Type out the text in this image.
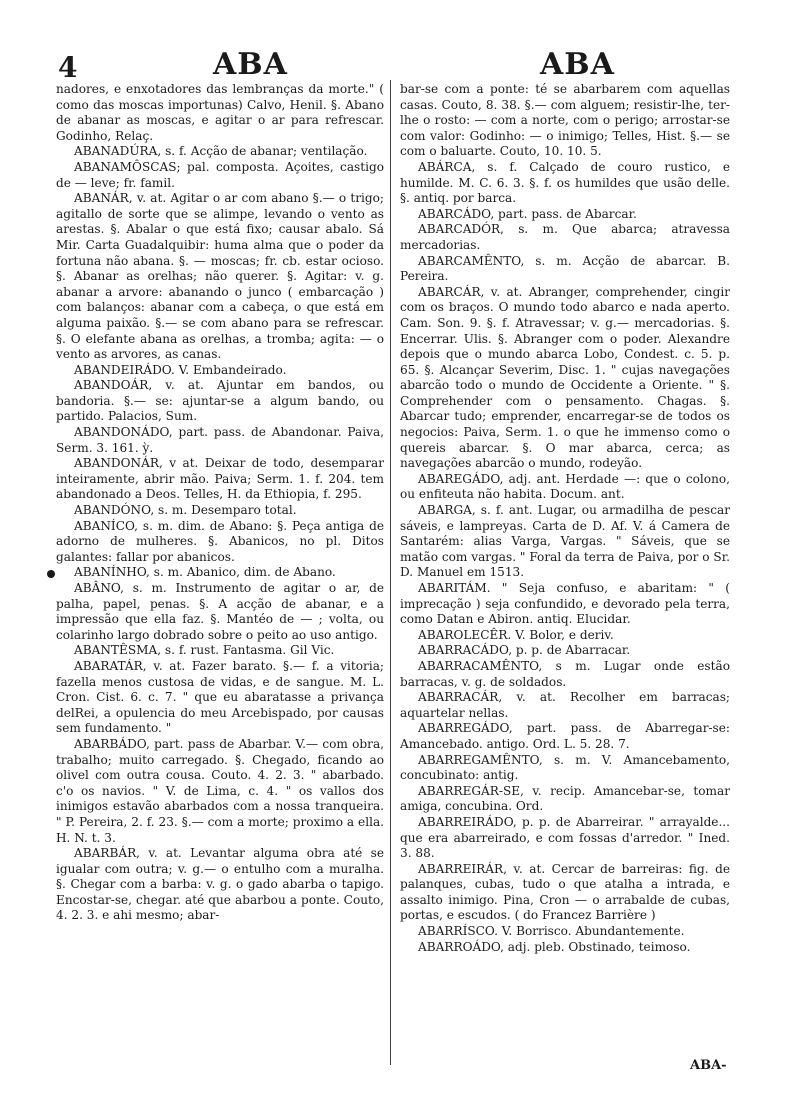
4	ABA	ABA

nadores, e enxotadores das lembranças da morte." ( como das moscas importunas) Calvo, Henil. §. Abano de abanar as moscas, e agitar o ar para refrescar. Godinho, Relaç.

ABANADÚRA, s. f. Acção de abanar; ventilação.

ABANAMÔSCAS; pal. composta. Açoites, castigo de — leve; fr. famil.

ABANÁR, v. at. Agitar o ar com abano §.— o trigo; agitallo de sorte que se alimpe, levando o vento as arestas. §. Abalar o que está fixo; causar abalo. Sá Mir. Carta Guadalquibir: huma alma que o poder da fortuna não abana. §. — moscas; fr. cb. estar ocioso. §. Abanar as orelhas; não querer. §. Agitar: v. g. abanar a arvore: abanando o junco ( embarcação ) com balanços: abanar com a cabeça, o que está em alguma paixão. §.— se com abano para se refrescar. §. O elefante abana as orelhas, a tromba; agita: — o vento as arvores, as canas.

ABANDEIRÁDO. V. Embandeirado.

ABANDOÁR, v. at. Ajuntar em bandos, ou bandoria. §.— se: ajuntar-se a algum bando, ou partido. Palacios, Sum.

ABANDONÁDO, part. pass. de Abandonar. Paiva, Serm. 3. 161. ỳ.

ABANDONÁR, v at. Deixar de todo, desemparar inteiramente, abrir mão. Paiva; Serm. 1. f. 204. tem abandonado a Deos. Telles, H. da Ethiopia, f. 295.

ABANDÓNO, s. m. Desemparo total.

ABANÍCO, s. m. dim. de Abano: §. Peça antiga de adorno de mulheres. §. Abanicos, no pl. Ditos galantes: fallar por abanicos.

ABANÍNHO, s. m. Abanico, dim. de Abano.

ABÂNO, s. m. Instrumento de agitar o ar, de palha, papel, penas. §. A acção de abanar, e a impressão que ella faz. §. Mantéo de — ; volta, ou colarinho largo dobrado sobre o peito ao uso antigo.

ABANTÊSMA, s. f. rust. Fantasma. Gil Vic.

ABARATÁR, v. at. Fazer barato. §.— f. a vitoria; fazella menos custosa de vidas, e de sangue. M. L. Cron. Cist. 6. c. 7. " que eu abaratasse a privança delRei, a opulencia do meu Arcebispado, por causas sem fundamento. "

ABARBÁDO, part. pass de Abarbar. V.— com obra, trabalho; muito carregado. §. Chegado, ficando ao olivel com outra cousa. Couto. 4. 2. 3. " abarbado. c'o os navios. " V. de Lima, c. 4. " os vallos dos inimigos estavão abarbados com a nossa tranqueira. " P. Pereira, 2. f. 23. §.— com a morte; proximo a ella. H. N. t. 3.

ABARBÁR, v. at. Levantar alguma obra até se igualar com outra; v. g.— o entulho com a muralha. §. Chegar com a barba: v. g. o gado abarba o tapigo. Encostar-se, chegar. até que abarbou a ponte. Couto, 4. 2. 3. e ahi mesmo; abar-

bar-se com a ponte: té se abarbarem com aquellas casas. Couto, 8. 38. §.— com alguem; resistir-lhe, ter-lhe o rosto: — com a norte, com o perigo; arrostar-se com valor: Godinho: — o inimigo; Telles, Hist. §.— se com o baluarte. Couto, 10. 10. 5.

ABÁRCA, s. f. Calçado de couro rustico, e humilde. M. C. 6. 3. §. f. os humildes que usão delle. §. antiq. por barca.

ABARCÁDO, part. pass. de Abarcar.

ABARCADÓR, s. m. Que abarca; atravessa mercadorias.

ABARCAMÊNTO, s. m. Acção de abarcar. B. Pereira.

ABARCÁR, v. at. Abranger, comprehender, cingir com os braços. O mundo todo abarco e nada aperto. Cam. Son. 9. §. f. Atravessar; v. g.— mercadorias. §. Encerrar. Ulis. §. Abranger com o poder. Alexandre depois que o mundo abarca Lobo, Condest. c. 5. p. 65. §. Alcançar Severim, Disc. 1. " cujas navegações abarcão todo o mundo de Occidente a Oriente. " §. Comprehender com o pensamento. Chagas. §. Abarcar tudo; emprender, encarregar-se de todos os negocios: Paiva, Serm. 1. o que he immenso como o quereis abarcar. §. O mar abarca, cerca; as navegações abarcão o mundo, rodeyão.

ABAREGÁDO, adj. ant. Herdade —: que o colono, ou enfiteuta não habita. Docum. ant.

ABARGA, s. f. ant. Lugar, ou armadilha de pescar sáveis, e lampreyas. Carta de D. Af. V. á Camera de Santarém: alias Varga, Vargas. " Sáveis, que se matão com vargas. " Foral da terra de Paiva, por o Sr. D. Manuel em 1513.

ABARITÁM. " Seja confuso, e abaritam: " ( imprecação ) seja confundido, e devorado pela terra, como Datan e Abiron. antiq. Elucidar.

ABAROLECÊR. V. Bolor, e deriv.

ABARRACÁDO, p. p. de Abarracar.

ABARRACAMÊNTO, s m. Lugar onde estão barracas, v. g. de soldados.

ABARRACÁR, v. at. Recolher em barracas; aquartelar nellas.

ABARREGÁDO, part. pass. de Abarregar-se: Amancebado. antigo. Ord. L. 5. 28. 7.

ABARREGAMÊNTO, s. m. V. Amancebamento, concubinato: antig.

ABARREGÁR-SE, v. recip. Amancebar-se, tomar amiga, concubina. Ord.

ABARREIRÁDO, p. p. de Abarreirar. " arrayalde... que era abarreirado, e com fossas d'arredor. " Ined. 3. 88.

ABARREIRÁR, v. at. Cercar de barreiras: fig. de palanques, cubas, tudo o que atalha a intrada, e assalto inimigo. Pina, Cron — o arrabalde de cubas, portas, e escudos. ( do Francez Barrière )

ABARRÍSCO. V. Borrisco. Abundantemente.

ABARROÁDO, adj. pleb. Obstinado, teimoso.

ABA-
